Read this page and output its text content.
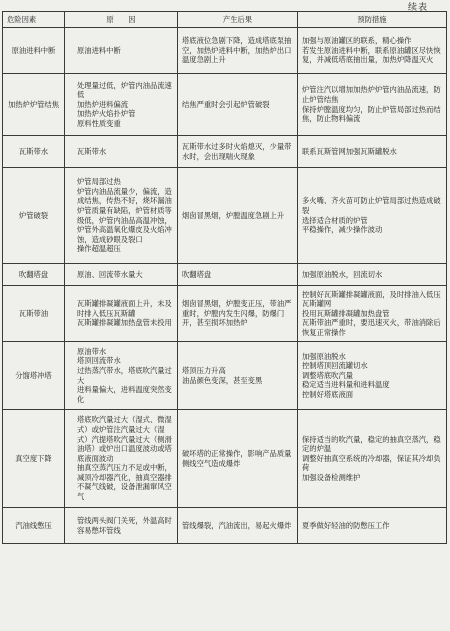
续表
危险因素	原　　因	产生后果	预防措施
原油进料中断	原油进料中断	塔底液位急剧下降，造成塔底泵抽空，加热炉进料中断，加热炉出口温度急剧上升	加强与原油罐区的联系，精心操作
若发生原油进料中断，联系原油罐区尽快恢复，并减低塔底抽出量，加热炉降温灭火

加热炉炉管结焦	处理量过低，炉管内油品流速低
加热炉进料偏流
加热炉火焰扑炉管
原料性质变重	结焦严重时会引起炉管破裂	炉管注汽以增加加热炉炉管内油品流速，防止炉管结焦
保持炉膛温度均匀，防止炉管局部过热而结焦，防止物料偏流

瓦斯带水	瓦斯带水	瓦斯带水过多时火焰熄灭，少量带水时，会出现喘火现象	联系瓦斯管网加强瓦斯罐脱水

炉管破裂	炉管局部过热
炉管内油品流量少，偏流，造成结焦，传热不好，烧坏漏油
炉管质量有缺陷，炉管材质等级低，炉管内油品高温冲蚀，炉管外高温氧化爆皮及火焰冲蚀，造成砂眼及裂口
操作超温超压	烟囱冒黑烟，炉膛温度急剧上升	多火嘴、齐火苗可防止炉管局部过热造成破裂
选择适合材质的炉管
平稳操作，减少操作波动

吹翻塔盘	原油、回流带水量大	吹翻塔盘	加强原油脱水，回流切水

瓦斯带油	瓦斯罐排凝罐液面上升，未及时排入低压瓦斯罐
瓦斯罐排凝罐加热盘管未投用	烟囱冒黑烟，炉膛变正压，带油严重时，炉膛内发生闪爆，防爆门开，甚至损坏加热炉	控制好瓦斯罐排凝罐液面，及时排油入低压瓦斯罐网
投用瓦斯罐排凝罐加热盘管
瓦斯带油严重时，要迅速灭火，带油消除后恢复正常操作

分馏塔冲塔	原油带水
塔顶回流带水
过热蒸汽带水，塔底吹汽量过大
进料量偏大，进料温度突然变化	塔顶压力升高
油品颜色变深，甚至变黑	加强原油脱水
控制塔顶回流罐切水
调整塔底吹汽量
稳定适当进料量和进料温度
控制好塔底液面

真空度下降	塔底吹汽量过大（湿式、微湿式）或炉管注汽量过大（湿式）汽提塔吹汽量过大（侧滑油塔）或炉出口温度波动或塔底液面波动
抽真空蒸汽压力不足或中断，减顶冷却器汽化，抽真空器排不凝气线破，设备泄漏窜风空气	破坏塔的正常操作，影响产品质量
侧线空气造成爆炸	保持适当的吹汽量，稳定的抽真空蒸汽，稳定的炉温
调整好抽真空系统的冷却器，保证其冷却负荷
加强设备检测维护

汽油线憋压	管线两头阀门关死，外温高时容易憋坏管线	管线爆裂，汽油流出，易起火爆炸	夏季做好轻油的防憋压工作
